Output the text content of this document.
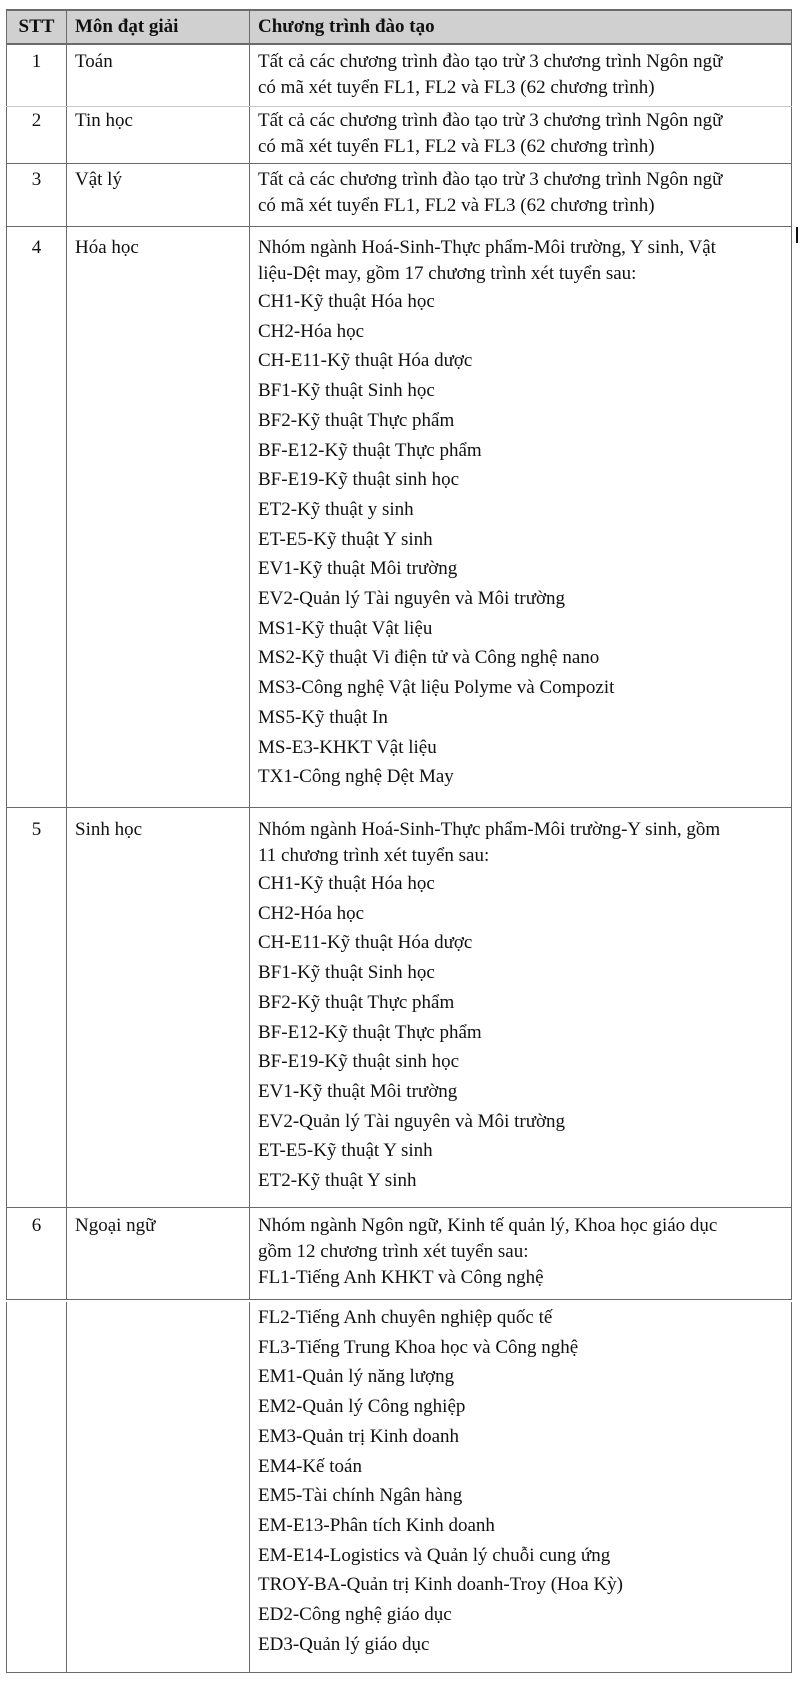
STT	Môn đạt giải	Chương trình đào tạo
1	Toán	Tất cả các chương trình đào tạo trừ 3 chương trình Ngôn ngữ
có mã xét tuyển FL1, FL2 và FL3 (62 chương trình)
2	Tin học	Tất cả các chương trình đào tạo trừ 3 chương trình Ngôn ngữ
có mã xét tuyển FL1, FL2 và FL3 (62 chương trình)
3	Vật lý	Tất cả các chương trình đào tạo trừ 3 chương trình Ngôn ngữ
có mã xét tuyển FL1, FL2 và FL3 (62 chương trình)
4	Hóa học	Nhóm ngành Hoá-Sinh-Thực phẩm-Môi trường, Y sinh, Vật
liệu-Dệt may, gồm 17 chương trình xét tuyển sau:
CH1-Kỹ thuật Hóa học
CH2-Hóa học
CH-E11-Kỹ thuật Hóa dược
BF1-Kỹ thuật Sinh học
BF2-Kỹ thuật Thực phẩm
BF-E12-Kỹ thuật Thực phẩm
BF-E19-Kỹ thuật sinh học
ET2-Kỹ thuật y sinh
ET-E5-Kỹ thuật Y sinh
EV1-Kỹ thuật Môi trường
EV2-Quản lý Tài nguyên và Môi trường
MS1-Kỹ thuật Vật liệu
MS2-Kỹ thuật Vi điện tử và Công nghệ nano
MS3-Công nghệ Vật liệu Polyme và Compozit
MS5-Kỹ thuật In
MS-E3-KHKT Vật liệu
TX1-Công nghệ Dệt May
5	Sinh học	Nhóm ngành Hoá-Sinh-Thực phẩm-Môi trường-Y sinh, gồm
11 chương trình xét tuyển sau:
CH1-Kỹ thuật Hóa học
CH2-Hóa học
CH-E11-Kỹ thuật Hóa dược
BF1-Kỹ thuật Sinh học
BF2-Kỹ thuật Thực phẩm
BF-E12-Kỹ thuật Thực phẩm
BF-E19-Kỹ thuật sinh học
EV1-Kỹ thuật Môi trường
EV2-Quản lý Tài nguyên và Môi trường
ET-E5-Kỹ thuật Y sinh
ET2-Kỹ thuật Y sinh
6	Ngoại ngữ	Nhóm ngành Ngôn ngữ, Kinh tế quản lý, Khoa học giáo dục
gồm 12 chương trình xét tuyển sau:
FL1-Tiếng Anh KHKT và Công nghệ
FL2-Tiếng Anh chuyên nghiệp quốc tế
FL3-Tiếng Trung Khoa học và Công nghệ
EM1-Quản lý năng lượng
EM2-Quản lý Công nghiệp
EM3-Quản trị Kinh doanh
EM4-Kế toán
EM5-Tài chính Ngân hàng
EM-E13-Phân tích Kinh doanh
EM-E14-Logistics và Quản lý chuỗi cung ứng
TROY-BA-Quản trị Kinh doanh-Troy (Hoa Kỳ)
ED2-Công nghệ giáo dục
ED3-Quản lý giáo dục
